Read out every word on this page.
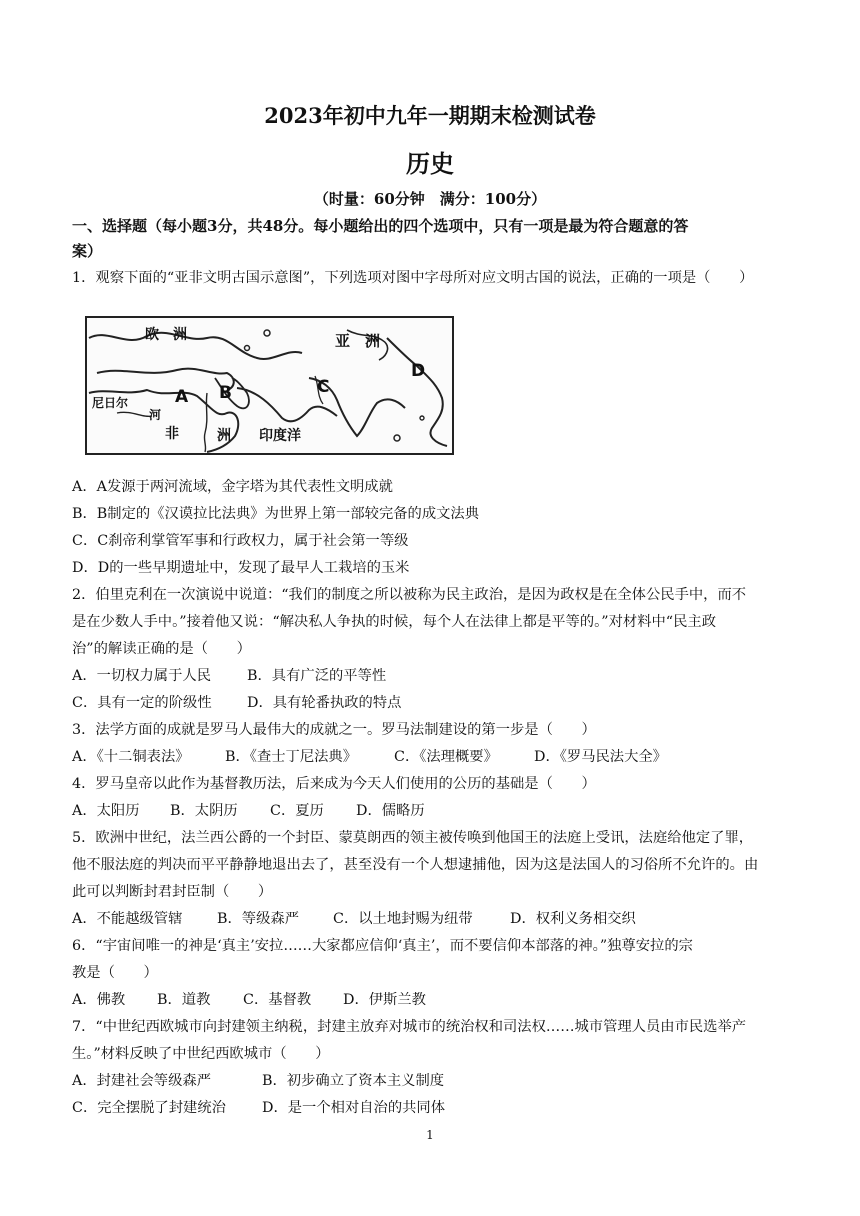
2023年初中九年一期期末检测试卷
历史
（时量：60分钟　满分：100分）
一、选择题（每小题3分，共48分。每小题给出的四个选项中，只有一项是最为符合题意的答
案）
1．观察下面的“亚非文明古国示意图”，下列选项对图中字母所对应文明古国的说法，正确的一项是（　　）
欧　洲	亚　洲
尼日尔
河
非	洲 印度洋
A B	C
D
A．A发源于两河流域，金字塔为其代表性文明成就
B．B制定的《汉谟拉比法典》为世界上第一部较完备的成文法典
C．C刹帝利掌管军事和行政权力，属于社会第一等级
D．D的一些早期遗址中，发现了最早人工栽培的玉米
2．伯里克利在一次演说中说道：“我们的制度之所以被称为民主政治，是因为政权是在全体公民手中，而不
是在少数人手中。”接着他又说：“解决私人争执的时候，每个人在法律上都是平等的。”对材料中“民主政
治”的解读正确的是（　　）
A．一切权力属于人民	B．具有广泛的平等性
C．具有一定的阶级性 D．具有轮番执政的特点
3．法学方面的成就是罗马人最伟大的成就之一。罗马法制建设的第一步是（　　）
A．《十二铜表法》 B．《查士丁尼法典》	C．《法理概要》	D．《罗马民法大全》
4．罗马皇帝以此作为基督教历法，后来成为今天人们使用的公历的基础是（　　）
A．太阳历 B．太阴历 C．夏历 D．儒略历
5．欧洲中世纪，法兰西公爵的一个封臣、蒙莫朗西的领主被传唤到他国王的法庭上受讯，法庭给他定了罪，
他不服法庭的判决而平平静静地退出去了，甚至没有一个人想逮捕他，因为这是法国人的习俗所不允许的。由
此可以判断封君封臣制（　　）
A．不能越级管辖 B．等级森严 C．以土地封赐为纽带	D．权利义务相交织
6．“宇宙间唯一的神是‘真主’安拉……大家都应信仰‘真主’，而不要信仰本部落的神。”独尊安拉的宗
教是（　　）
A．佛教 B．道教 C．基督教 D．伊斯兰教
7．“中世纪西欧城市向封建领主纳税，封建主放弃对城市的统治权和司法权……城市管理人员由市民选举产
生。”材料反映了中世纪西欧城市（　　）
A．封建社会等级森严	B．初步确立了资本主义制度
C．完全摆脱了封建统治	D．是一个相对自治的共同体
1
